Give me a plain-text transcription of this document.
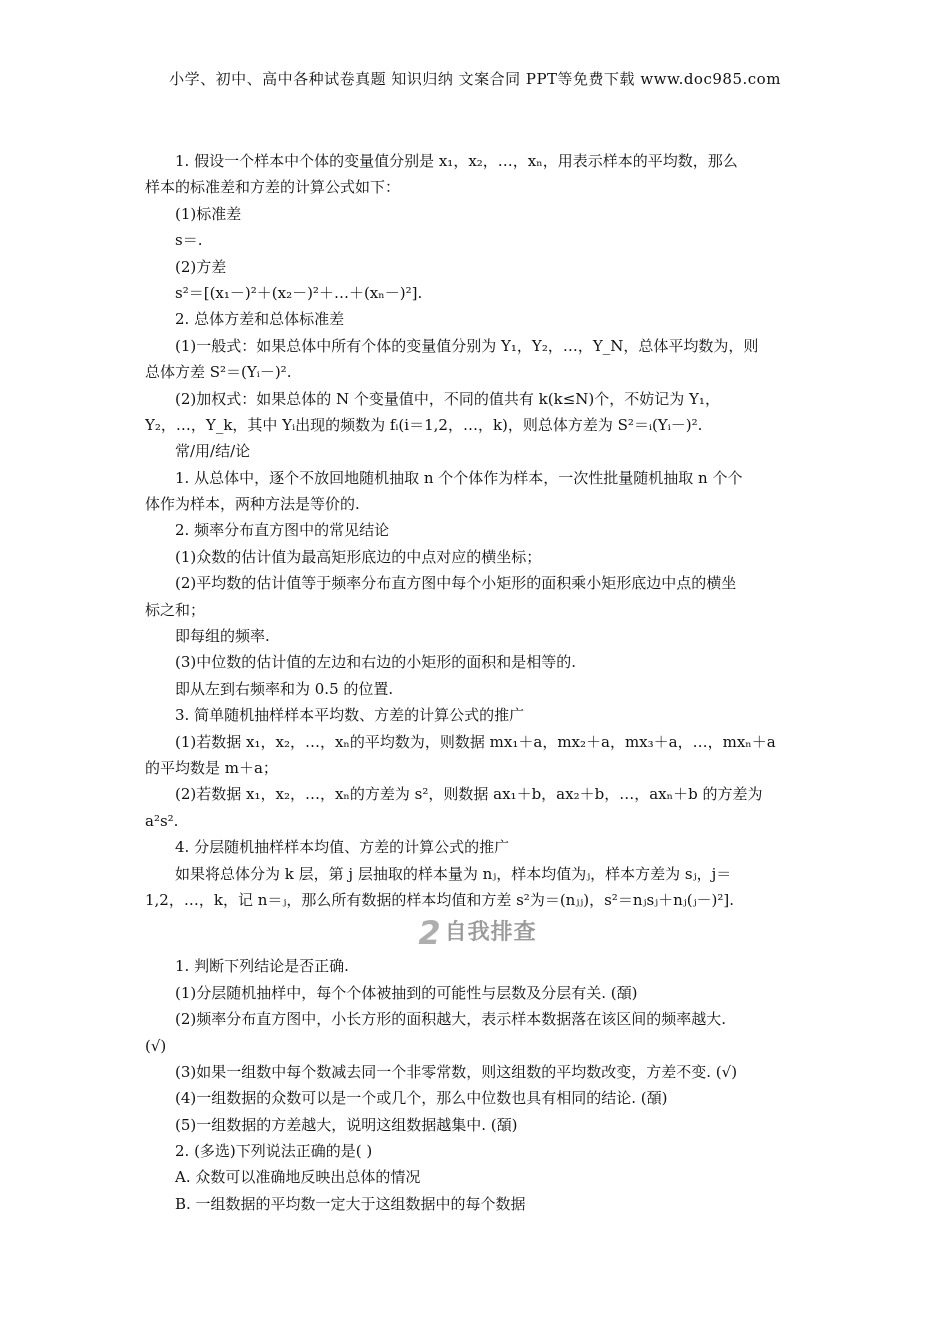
小学、初中、高中各种试卷真题 知识归纳 文案合同 PPT等免费下载 www.doc985.com
1. 假设一个样本中个体的变量值分别是 x₁，x₂，…，xₙ，用表示样本的平均数，那么
样本的标准差和方差的计算公式如下：
(1)标准差
s＝.
(2)方差
s²＝[(x₁－)²＋(x₂－)²＋…＋(xₙ－)²].
2. 总体方差和总体标准差
(1)一般式：如果总体中所有个体的变量值分别为 Y₁，Y₂，…，Y_N，总体平均数为，则
总体方差 S²＝(Yᵢ－)².
(2)加权式：如果总体的 N 个变量值中，不同的值共有 k(k≤N)个，不妨记为 Y₁，
Y₂，…，Y_k，其中 Yᵢ出现的频数为 fᵢ(i＝1,2，…，k)，则总体方差为 S²＝ᵢ(Yᵢ－)².
常/用/结/论
1. 从总体中，逐个不放回地随机抽取 n 个个体作为样本，一次性批量随机抽取 n 个个
体作为样本，两种方法是等价的.
2. 频率分布直方图中的常见结论
(1)众数的估计值为最高矩形底边的中点对应的横坐标；
(2)平均数的估计值等于频率分布直方图中每个小矩形的面积乘小矩形底边中点的横坐
标之和；
即每组的频率.
(3)中位数的估计值的左边和右边的小矩形的面积和是相等的.
即从左到右频率和为 0.5 的位置.
3. 简单随机抽样样本平均数、方差的计算公式的推广
(1)若数据 x₁，x₂，…，xₙ的平均数为，则数据 mx₁＋a，mx₂＋a，mx₃＋a，…，mxₙ＋a
的平均数是 m＋a；
(2)若数据 x₁，x₂，…，xₙ的方差为 s²，则数据 ax₁＋b，ax₂＋b，…，axₙ＋b 的方差为
a²s².
4. 分层随机抽样样本均值、方差的计算公式的推广
如果将总体分为 k 层，第 j 层抽取的样本量为 nⱼ，样本均值为ⱼ，样本方差为 sⱼ，j＝
1,2，…，k，记 n＝ⱼ，那么所有数据的样本均值和方差 s²为＝(nⱼⱼ)，s²＝nⱼsⱼ＋nⱼ(ⱼ－)²].
2 自我排查
1. 判断下列结论是否正确.
(1)分层随机抽样中，每个个体被抽到的可能性与层数及分层有关. (䫊)
(2)频率分布直方图中，小长方形的面积越大，表示样本数据落在该区间的频率越大.
(√)
(3)如果一组数中每个数减去同一个非零常数，则这组数的平均数改变，方差不变. (√)
(4)一组数据的众数可以是一个或几个，那么中位数也具有相同的结论. (䫊)
(5)一组数据的方差越大，说明这组数据越集中. (䫊)
2. (多选)下列说法正确的是( )
A. 众数可以准确地反映出总体的情况
B. 一组数据的平均数一定大于这组数据中的每个数据
